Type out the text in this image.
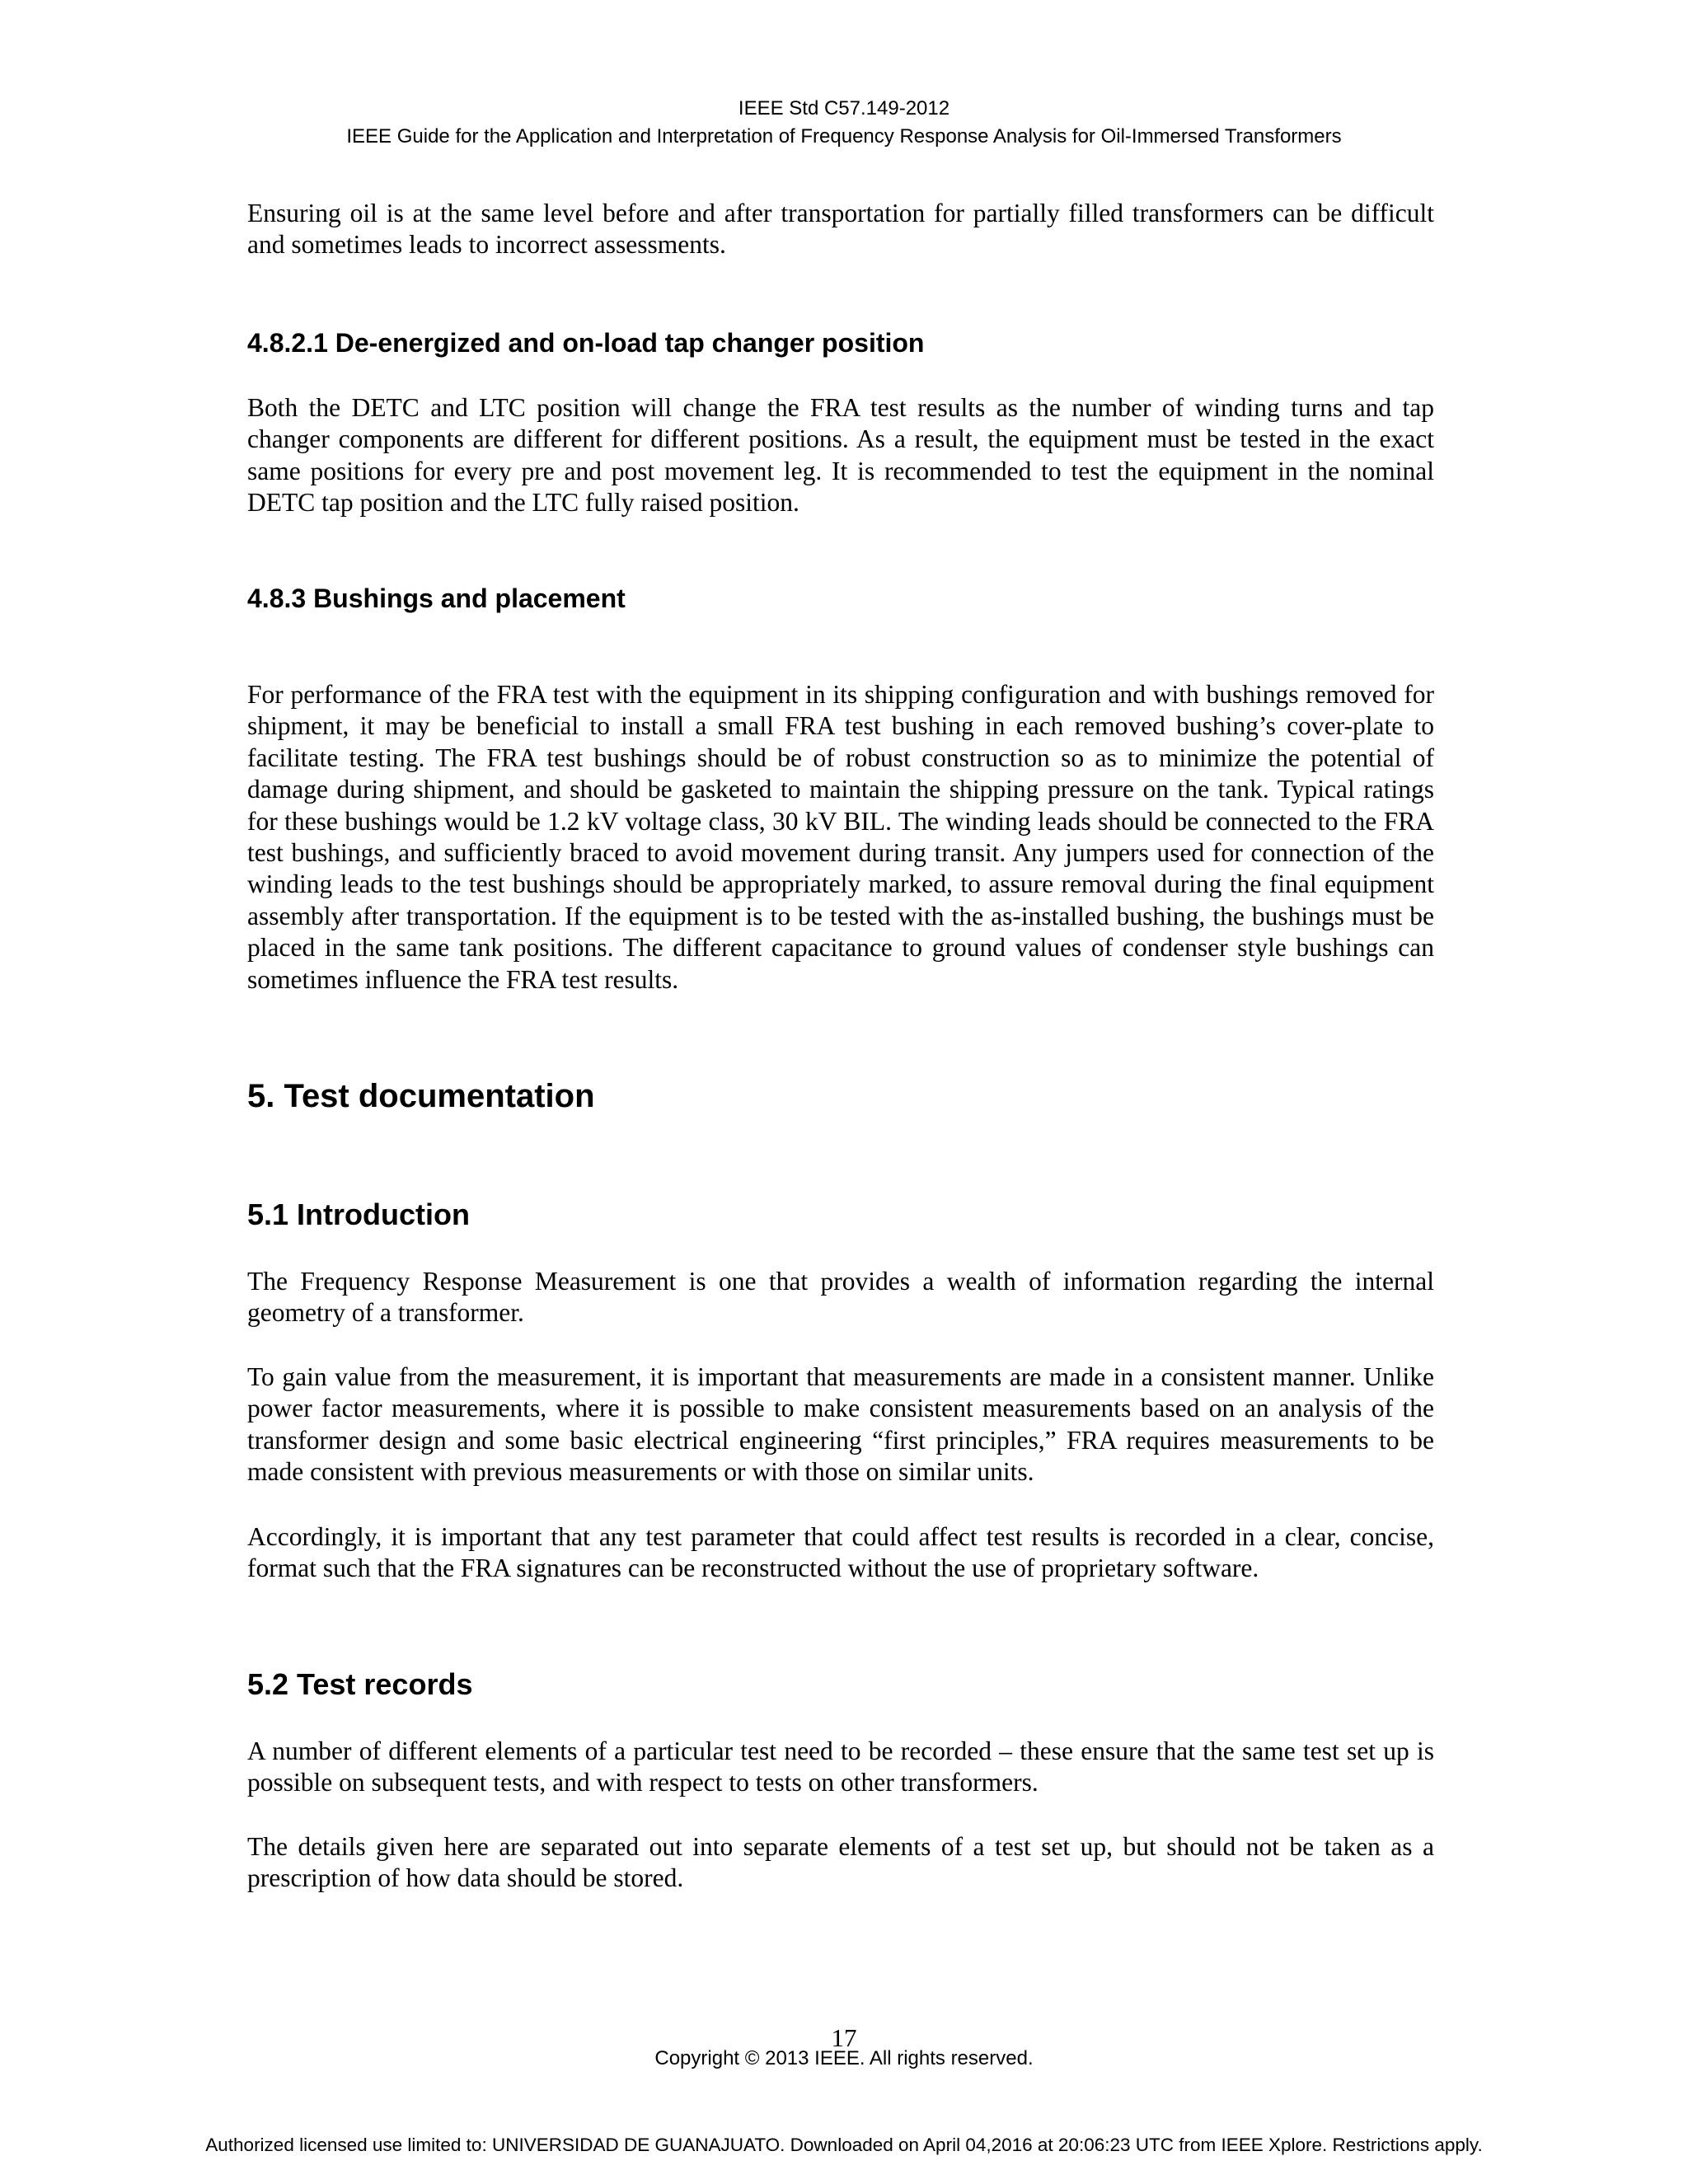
IEEE Std C57.149-2012
IEEE Guide for the Application and Interpretation of Frequency Response Analysis for Oil-Immersed Transformers

Ensuring oil is at the same level before and after transportation for partially filled transformers can be difficult and sometimes leads to incorrect assessments.

4.8.2.1 De-energized and on-load tap changer position

Both the DETC and LTC position will change the FRA test results as the number of winding turns and tap changer components are different for different positions. As a result, the equipment must be tested in the exact same positions for every pre and post movement leg. It is recommended to test the equipment in the nominal DETC tap position and the LTC fully raised position.

4.8.3 Bushings and placement

For performance of the FRA test with the equipment in its shipping configuration and with bushings removed for shipment, it may be beneficial to install a small FRA test bushing in each removed bushing’s cover-plate to facilitate testing. The FRA test bushings should be of robust construction so as to minimize the potential of damage during shipment, and should be gasketed to maintain the shipping pressure on the tank. Typical ratings for these bushings would be 1.2 kV voltage class, 30 kV BIL. The winding leads should be connected to the FRA test bushings, and sufficiently braced to avoid movement during transit. Any jumpers used for connection of the winding leads to the test bushings should be appropriately marked, to assure removal during the final equipment assembly after transportation. If the equipment is to be tested with the as-installed bushing, the bushings must be placed in the same tank positions. The different capacitance to ground values of condenser style bushings can sometimes influence the FRA test results.

5. Test documentation
5.1 Introduction

The Frequency Response Measurement is one that provides a wealth of information regarding the internal geometry of a transformer.

To gain value from the measurement, it is important that measurements are made in a consistent manner. Unlike power factor measurements, where it is possible to make consistent measurements based on an analysis of the transformer design and some basic electrical engineering “first principles,” FRA requires measurements to be made consistent with previous measurements or with those on similar units.

Accordingly, it is important that any test parameter that could affect test results is recorded in a clear, concise, format such that the FRA signatures can be reconstructed without the use of proprietary software.

5.2 Test records

A number of different elements of a particular test need to be recorded – these ensure that the same test set up is possible on subsequent tests, and with respect to tests on other transformers.

The details given here are separated out into separate elements of a test set up, but should not be taken as a prescription of how data should be stored.

17
Copyright © 2013 IEEE. All rights reserved.
Authorized licensed use limited to: UNIVERSIDAD DE GUANAJUATO. Downloaded on April 04,2016 at 20:06:23 UTC from IEEE Xplore. Restrictions apply.
